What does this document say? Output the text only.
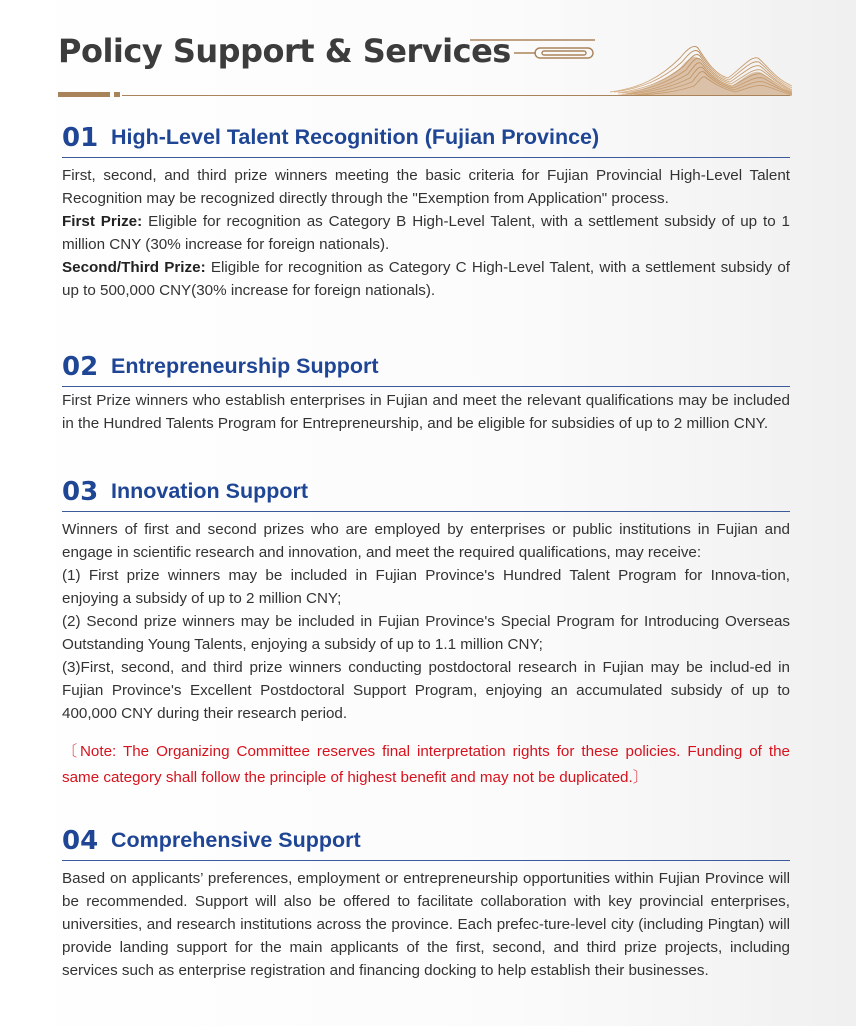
Policy Support & Services
01 High-Level Talent Recognition (Fujian Province)

First, second, and third prize winners meeting the basic criteria for Fujian Provincial High-Level Talent Recognition may be recognized directly through the "Exemption from Application" process.

First Prize: Eligible for recognition as Category B High-Level Talent, with a settlement subsidy of up to 1 million CNY (30% increase for foreign nationals).

Second/Third Prize: Eligible for recognition as Category C High-Level Talent, with a settlement subsidy of up to 500,000 CNY(30% increase for foreign nationals).

02 Entrepreneurship Support

First Prize winners who establish enterprises in Fujian and meet the relevant qualifications may be included in the Hundred Talents Program for Entrepreneurship, and be eligible for subsidies of up to 2 million CNY.

03 Innovation Support

Winners of first and second prizes who are employed by enterprises or public institutions in Fujian and engage in scientific research and innovation, and meet the required qualifications, may receive:

(1) First prize winners may be included in Fujian Province's Hundred Talent Program for Innova-tion, enjoying a subsidy of up to 2 million CNY;

(2) Second prize winners may be included in Fujian Province's Special Program for Introducing Overseas Outstanding Young Talents, enjoying a subsidy of up to 1.1 million CNY;

(3)First, second, and third prize winners conducting postdoctoral research in Fujian may be includ-ed in Fujian Province's Excellent Postdoctoral Support Program, enjoying an accumulated subsidy of up to 400,000 CNY during their research period.

〔Note: The Organizing Committee reserves final interpretation rights for these policies. Funding of the same category shall follow the principle of highest benefit and may not be duplicated.〕
04 Comprehensive Support

Based on applicants’ preferences, employment or entrepreneurship opportunities within Fujian Province will be recommended. Support will also be offered to facilitate collaboration with key provincial enterprises, universities, and research institutions across the province. Each prefec-ture-level city (including Pingtan) will provide landing support for the main applicants of the first, second, and third prize projects, including services such as enterprise registration and financing docking to help establish their businesses.
